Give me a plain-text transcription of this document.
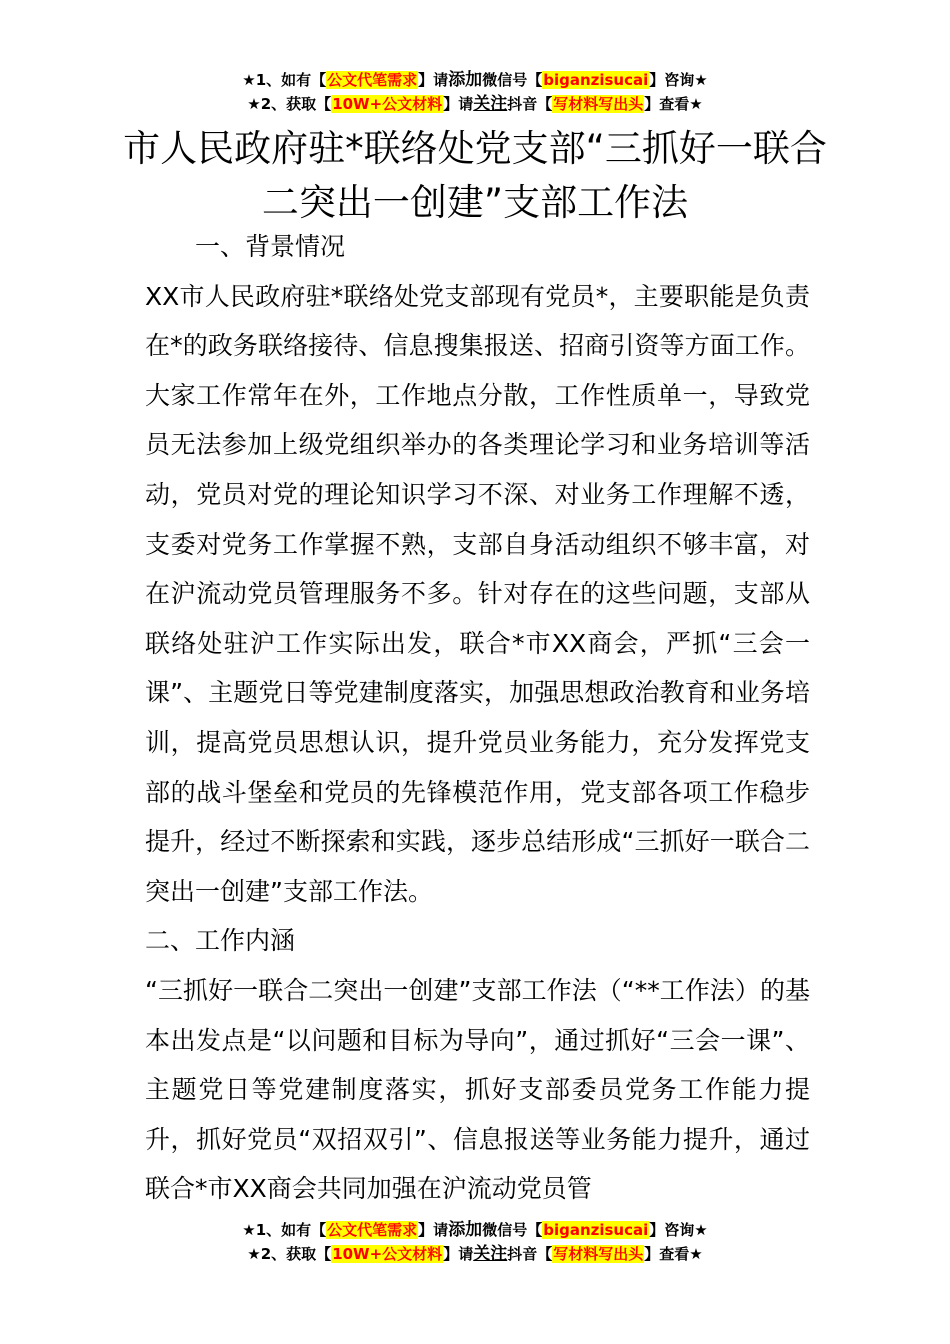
★1、如有【公文代笔需求】请添加微信号【biganzisucai】咨询★
★2、获取【10W+公文材料】请关注抖音【写材料写出头】查看★
市人民政府驻*联络处党支部“三抓好一联合二突出一创建”支部工作法

一、背景情况

XX市人民政府驻*联络处党支部现有党员*，主要职能是负责在*的政务联络接待、信息搜集报送、招商引资等方面工作。大家工作常年在外，工作地点分散，工作性质单一，导致党员无法参加上级党组织举办的各类理论学习和业务培训等活动，党员对党的理论知识学习不深、对业务工作理解不透，支委对党务工作掌握不熟，支部自身活动组织不够丰富，对在沪流动党员管理服务不多。针对存在的这些问题，支部从联络处驻沪工作实际出发，联合*市XX商会，严抓“三会一课”、主题党日等党建制度落实，加强思想政治教育和业务培训，提高党员思想认识，提升党员业务能力，充分发挥党支部的战斗堡垒和党员的先锋模范作用，党支部各项工作稳步提升，经过不断探索和实践，逐步总结形成“三抓好一联合二突出一创建”支部工作法。

二、工作内涵

“三抓好一联合二突出一创建”支部工作法（“**工作法）的基本出发点是“以问题和目标为导向”，通过抓好“三会一课”、主题党日等党建制度落实，抓好支部委员党务工作能力提升，抓好党员“双招双引”、信息报送等业务能力提升，通过联合*市XX商会共同加强在沪流动党员管

★1、如有【公文代笔需求】请添加微信号【biganzisucai】咨询★
★2、获取【10W+公文材料】请关注抖音【写材料写出头】查看★
